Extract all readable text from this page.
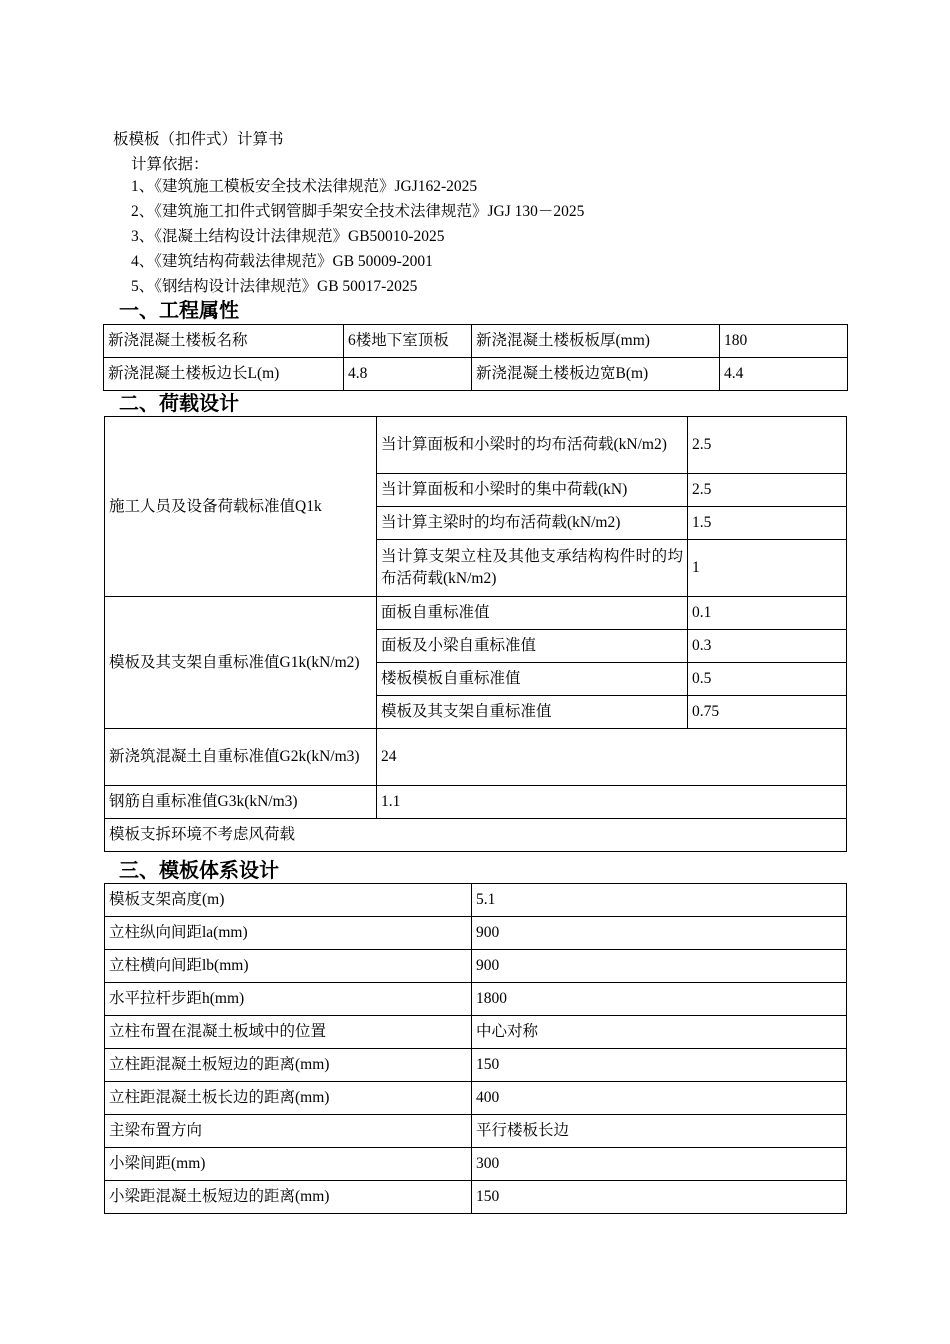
板模板（扣件式）计算书
计算依据：
1、《建筑施工模板安全技术法律规范》JGJ162-2025
2、《建筑施工扣件式钢管脚手架安全技术法律规范》JGJ 130－2025
3、《混凝土结构设计法律规范》GB50010-2025
4、《建筑结构荷载法律规范》GB 50009-2001
5、《钢结构设计法律规范》GB 50017-2025
一、工程属性
新浇混凝土楼板名称	6楼地下室顶板	新浇混凝土楼板板厚(mm)	180
新浇混凝土楼板边长L(m)	4.8	新浇混凝土楼板边宽B(m)	4.4
二、荷载设计
施工人员及设备荷载标准值Q1k	当计算面板和小梁时的均布活荷载(kN/m2)	2.5
	当计算面板和小梁时的集中荷载(kN)	2.5
	当计算主梁时的均布活荷载(kN/m2)	1.5
	当计算支架立柱及其他支承结构构件时的均布活荷载(kN/m2)	1
模板及其支架自重标准值G1k(kN/m2)	面板自重标准值	0.1
	面板及小梁自重标准值	0.3
	楼板模板自重标准值	0.5
	模板及其支架自重标准值	0.75
新浇筑混凝土自重标准值G2k(kN/m3)	24	
钢筋自重标准值G3k(kN/m3)	1.1	
模板支拆环境不考虑风荷载		
三、模板体系设计
模板支架高度(m)	5.1
立柱纵向间距la(mm)	900
立柱横向间距lb(mm)	900
水平拉杆步距h(mm)	1800
立柱布置在混凝土板域中的位置	中心对称
立柱距混凝土板短边的距离(mm)	150
立柱距混凝土板长边的距离(mm)	400
主梁布置方向	平行楼板长边
小梁间距(mm)	300
小梁距混凝土板短边的距离(mm)	150
